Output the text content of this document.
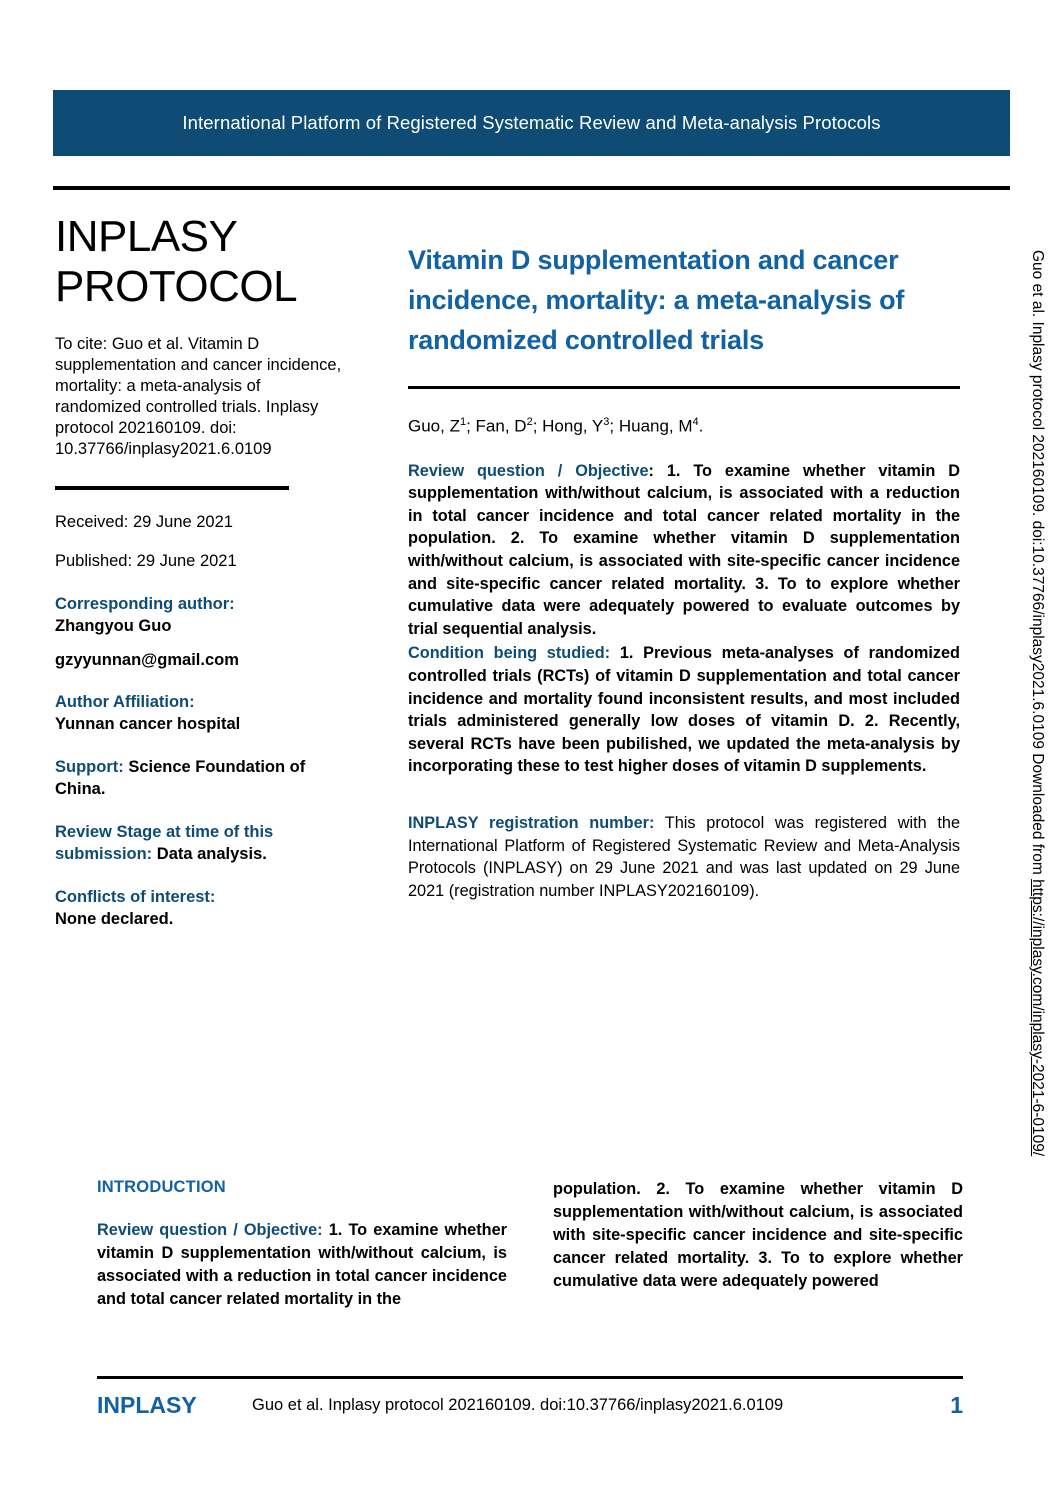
International Platform of Registered Systematic Review and Meta-analysis Protocols
INPLASY
PROTOCOL
To cite: Guo et al. Vitamin D supplementation and cancer incidence, mortality: a meta-analysis of randomized controlled trials. Inplasy protocol 202160109. doi: 10.37766/inplasy2021.6.0109
Received: 29 June 2021
Published: 29 June 2021
Corresponding author:
Zhangyou Guo
gzyyunnan@gmail.com
Author Affiliation:
Yunnan cancer hospital
Support: Science Foundation of China.
Review Stage at time of this submission: Data analysis.
Conflicts of interest:
None declared.
Vitamin D supplementation and cancer incidence, mortality: a meta-analysis of randomized controlled trials
Guo, $Z^1$; Fan, $D^2$; Hong, $Y^3$; Huang, $M^4$.
Review question / Objective: 1. To examine whether vitamin D supplementation with/without calcium, is associated with a reduction in total cancer incidence and total cancer related mortality in the population. 2. To examine whether vitamin D supplementation with/without calcium, is associated with site-specific cancer incidence and site-specific cancer related mortality. 3. To to explore whether cumulative data were adequately powered to evaluate outcomes by trial sequential analysis.
Condition being studied: 1. Previous meta-analyses of randomized controlled trials (RCTs) of vitamin D supplementation and total cancer incidence and mortality found inconsistent results, and most included trials administered generally low doses of vitamin D. 2. Recently, several RCTs have been pubilished, we updated the meta-analysis by incorporating these to test higher doses of vitamin D supplements.
INPLASY registration number: This protocol was registered with the International Platform of Registered Systematic Review and Meta-Analysis Protocols (INPLASY) on 29 June 2021 and was last updated on 29 June 2021 (registration number INPLASY202160109).
INTRODUCTION

Review question / Objective: 1. To examine whether vitamin D supplementation with/without calcium, is associated with a reduction in total cancer incidence and total cancer related mortality in the

population. 2. To examine whether vitamin D supplementation with/without calcium, is associated with site-specific cancer incidence and site-specific cancer related mortality. 3. To to explore whether cumulative data were adequately powered

INPLASY	Guo et al. Inplasy protocol 202160109. doi:10.37766/inplasy2021.6.0109	1
Guo et al. Inplasy protocol 202160109. doi:10.37766/inplasy2021.6.0109 Downloaded from https://inplasy.com/inplasy-2021-6-0109/
